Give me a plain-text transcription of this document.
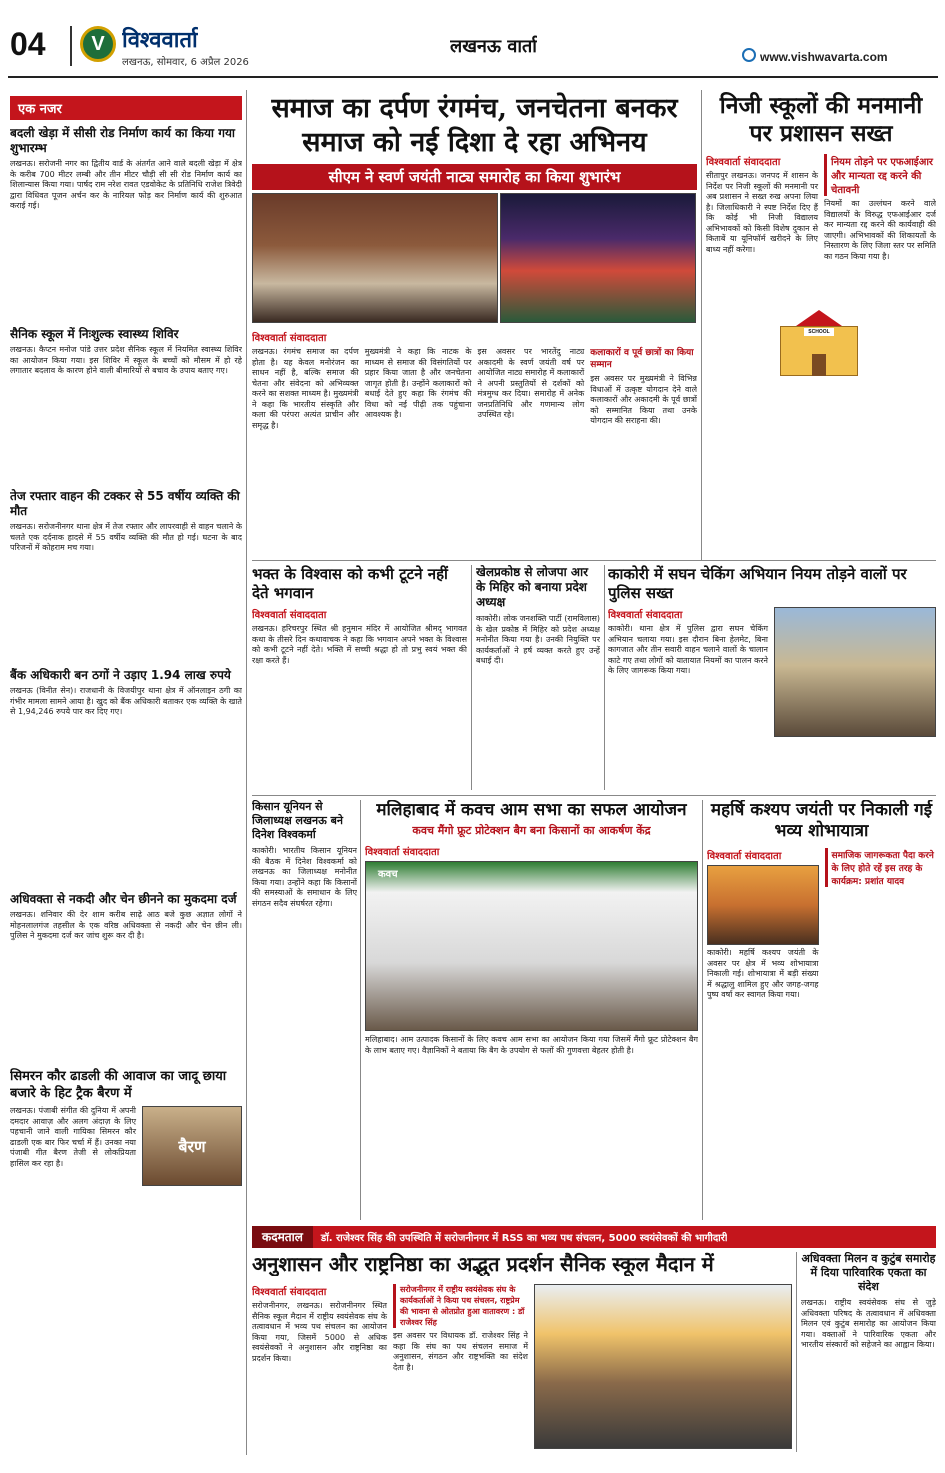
04	V विश्ववार्ता
लखनऊ, सोमवार, 6 अप्रैल 2026
लखनऊ वार्ता	www.vishwavarta.com
एक नजर
बदली खेड़ा में सीसी रोड निर्माण कार्य का किया गया शुभारम्भ
लखनऊ। सरोजनी नगर का द्वितीय वार्ड के अंतर्गत आने वाले बदली खेड़ा में क्षेत्र के करीब 700 मीटर लम्बी और तीन मीटर चौड़ी सी सी रोड निर्माण कार्य का शिलान्यास किया गया। पार्षद राम नरेश रावत एडवोकेट के प्रतिनिधि राजेश त्रिवेदी द्वारा विधिवत पूजन अर्चन कर के नारियल फोड़ कर निर्माण कार्य की शुरुआत कराई गई।
सैनिक स्कूल में निःशुल्क स्वास्थ्य शिविर
लखनऊ। कैप्टन मनोज पांडे उत्तर प्रदेश सैनिक स्कूल में नियमित स्वास्थ्य शिविर का आयोजन किया गया। इस शिविर में स्कूल के बच्चों को मौसम में हो रहे लगातार बदलाव के कारण होने वाली बीमारियों से बचाव के उपाय बताए गए।
तेज रफ्तार वाहन की टक्कर से 55 वर्षीय व्यक्ति की मौत
लखनऊ। सरोजनीनगर थाना क्षेत्र में तेज रफ्तार और लापरवाही से वाहन चलाने के चलते एक दर्दनाक हादसे में 55 वर्षीय व्यक्ति की मौत हो गई। घटना के बाद परिजनों में कोहराम मच गया।
बैंक अधिकारी बन ठगों ने उड़ाए 1.94 लाख रुपये
लखनऊ (विनीत सेन)। राजधानी के विजयीपुर थाना क्षेत्र में ऑनलाइन ठगी का गंभीर मामला सामने आया है। खुद को बैंक अधिकारी बताकर एक व्यक्ति के खाते से 1,94,246 रुपये पार कर दिए गए।
अधिवक्ता से नकदी और चेन छीनने का मुकदमा दर्ज
लखनऊ। शनिवार की देर शाम करीब साढ़े आठ बजे कुछ अज्ञात लोगों ने मोहनलालगंज तहसील के एक वरिष्ठ अधिवक्ता से नकदी और चेन छीन ली। पुलिस ने मुकदमा दर्ज कर जांच शुरू कर दी है।
सिमरन कौर ढाडली की आवाज का जादू छाया बजारे के हिट ट्रैक बैरण में
बैरण
लखनऊ। पंजाबी संगीत की दुनिया में अपनी दमदार आवाज़ और अलग अंदाज़ के लिए पहचानी जाने वाली गायिका सिमरन कौर ढाडली एक बार फिर चर्चा में हैं। उनका नया पंजाबी गीत बैरण तेजी से लोकप्रियता हासिल कर रहा है।
समाज का दर्पण रंगमंच, जनचेतना बनकर समाज को नई दिशा दे रहा अभिनय
सीएम ने स्वर्ण जयंती नाट्य समारोह का किया शुभारंभ
विश्ववार्ता संवाददाता
लखनऊ। रंगमंच समाज का दर्पण होता है। यह केवल मनोरंजन का साधन नहीं है, बल्कि समाज की चेतना और संवेदना को अभिव्यक्त करने का सशक्त माध्यम है। मुख्यमंत्री ने कहा कि भारतीय संस्कृति और कला की परंपरा अत्यंत प्राचीन और समृद्ध है।
मुख्यमंत्री ने कहा कि नाटक के माध्यम से समाज की विसंगतियों पर प्रहार किया जाता है और जनचेतना जागृत होती है। उन्होंने कलाकारों को बधाई देते हुए कहा कि रंगमंच की विधा को नई पीढ़ी तक पहुंचाना आवश्यक है।
इस अवसर पर भारतेंदु नाट्य अकादमी के स्वर्ण जयंती वर्ष पर आयोजित नाट्य समारोह में कलाकारों ने अपनी प्रस्तुतियों से दर्शकों को मंत्रमुग्ध कर दिया। समारोह में अनेक जनप्रतिनिधि और गणमान्य लोग उपस्थित रहे।
कलाकारों व पूर्व छात्रों का किया सम्मान
इस अवसर पर मुख्यमंत्री ने विभिन्न विधाओं में उत्कृष्ट योगदान देने वाले कलाकारों और अकादमी के पूर्व छात्रों को सम्मानित किया तथा उनके योगदान की सराहना की।
निजी स्कूलों की मनमानी पर प्रशासन सख्त
विश्ववार्ता संवाददाता
सीतापुर लखनऊ। जनपद में शासन के निर्देश पर निजी स्कूलों की मनमानी पर अब प्रशासन ने सख्त रुख अपना लिया है। जिलाधिकारी ने स्पष्ट निर्देश दिए हैं कि कोई भी निजी विद्यालय अभिभावकों को किसी विशेष दुकान से किताबें या यूनिफॉर्म खरीदने के लिए बाध्य नहीं करेगा।
नियम तोड़ने पर एफआईआर और मान्यता रद्द करने की चेतावनी
नियमों का उल्लंघन करने वाले विद्यालयों के विरुद्ध एफआईआर दर्ज कर मान्यता रद्द करने की कार्यवाही की जाएगी। अभिभावकों की शिकायतों के निस्तारण के लिए जिला स्तर पर समिति का गठन किया गया है।
SCHOOL
भक्त के विश्वास को कभी टूटने नहीं देते भगवान
विश्ववार्ता संवाददाता
लखनऊ। हरिचरपुर स्थित श्री हनुमान मंदिर में आयोजित श्रीमद् भागवत कथा के तीसरे दिन कथावाचक ने कहा कि भगवान अपने भक्त के विश्वास को कभी टूटने नहीं देते। भक्ति में सच्ची श्रद्धा हो तो प्रभु स्वयं भक्त की रक्षा करते हैं।
खेलप्रकोष्ठ से लोजपा आर के मिहिर को बनाया प्रदेश अध्यक्ष
काकोरी। लोक जनशक्ति पार्टी (रामविलास) के खेल प्रकोष्ठ में मिहिर को प्रदेश अध्यक्ष मनोनीत किया गया है। उनकी नियुक्ति पर कार्यकर्ताओं ने हर्ष व्यक्त करते हुए उन्हें बधाई दी।
काकोरी में सघन चेकिंग अभियान नियम तोड़ने वालों पर पुलिस सख्त
विश्ववार्ता संवाददाता
काकोरी। थाना क्षेत्र में पुलिस द्वारा सघन चेकिंग अभियान चलाया गया। इस दौरान बिना हेलमेट, बिना कागजात और तीन सवारी वाहन चलाने वालों के चालान काटे गए तथा लोगों को यातायात नियमों का पालन करने के लिए जागरूक किया गया।
किसान यूनियन से जिलाध्यक्ष लखनऊ बने दिनेश विश्वकर्मा
काकोरी। भारतीय किसान यूनियन की बैठक में दिनेश विश्वकर्मा को लखनऊ का जिलाध्यक्ष मनोनीत किया गया। उन्होंने कहा कि किसानों की समस्याओं के समाधान के लिए संगठन सदैव संघर्षरत रहेगा।
मलिहाबाद में कवच आम सभा का सफल आयोजन
कवच मैंगो फ्रूट प्रोटेक्शन बैग बना किसानों का आकर्षण केंद्र
विश्ववार्ता संवाददाता
कवच
मलिहाबाद। आम उत्पादक किसानों के लिए कवच आम सभा का आयोजन किया गया जिसमें मैंगो फ्रूट प्रोटेक्शन बैग के लाभ बताए गए। वैज्ञानिकों ने बताया कि बैग के उपयोग से फलों की गुणवत्ता बेहतर होती है।
महर्षि कश्यप जयंती पर निकाली गई भव्य शोभायात्रा
विश्ववार्ता संवाददाता
काकोरी। महर्षि कश्यप जयंती के अवसर पर क्षेत्र में भव्य शोभायात्रा निकाली गई। शोभायात्रा में बड़ी संख्या में श्रद्धालु शामिल हुए और जगह-जगह पुष्प वर्षा कर स्वागत किया गया।
समाजिक जागरूकता पैदा करने के लिए होते रहें इस तरह के कार्यक्रम: प्रशांत यादव
कदमताल	डॉ. राजेश्वर सिंह की उपस्थिति में सरोजनीनगर में RSS का भव्य पथ संचलन, 5000 स्वयंसेवकों की भागीदारी
अनुशासन और राष्ट्रनिष्ठा का अद्भुत प्रदर्शन सैनिक स्कूल मैदान में
विश्ववार्ता संवाददाता
सरोजनीनगर, लखनऊ। सरोजनीनगर स्थित सैनिक स्कूल मैदान में राष्ट्रीय स्वयंसेवक संघ के तत्वावधान में भव्य पथ संचलन का आयोजन किया गया, जिसमें 5000 से अधिक स्वयंसेवकों ने अनुशासन और राष्ट्रनिष्ठा का प्रदर्शन किया।
सरोजनीनगर में राष्ट्रीय स्वयंसेवक संघ के कार्यकर्ताओं ने किया पथ संचलन, राष्ट्रप्रेम की भावना से ओतप्रोत हुआ वातावरण : डॉ राजेश्वर सिंह
इस अवसर पर विधायक डॉ. राजेश्वर सिंह ने कहा कि संघ का पथ संचलन समाज में अनुशासन, संगठन और राष्ट्रभक्ति का संदेश देता है।
अधिवक्ता मिलन व कुटुंब समारोह में दिया पारिवारिक एकता का संदेश
लखनऊ। राष्ट्रीय स्वयंसेवक संघ से जुड़े अधिवक्ता परिषद के तत्वावधान में अधिवक्ता मिलन एवं कुटुंब समारोह का आयोजन किया गया। वक्ताओं ने पारिवारिक एकता और भारतीय संस्कारों को सहेजने का आह्वान किया।
